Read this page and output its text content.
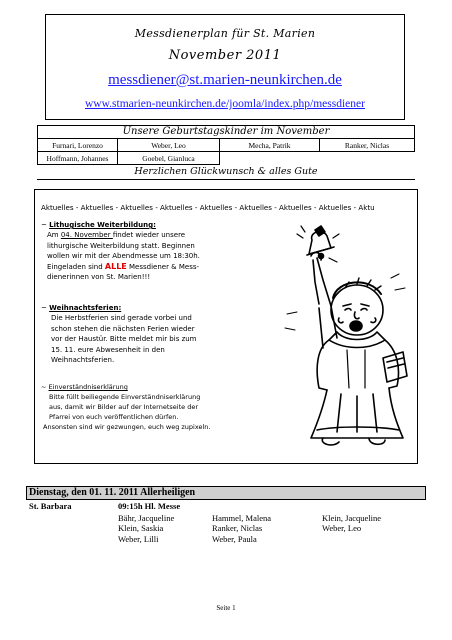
Messdienerplan für St. Marien
November 2011
messdiener@st.marien-neunkirchen.de
www.stmarien-neunkirchen.de/joomla/index.php/messdiener
Unsere Geburtstagskinder im November
Furnari, Lorenzo	Weber, Leo	Mecha, Patrik	Ranker, Niclas
Hoffmann, Johannes	Goebel, Gianluca		
Herzlichen Glückwunsch & alles Gute
Aktuelles - Aktuelles - Aktuelles - Aktuelles - Aktuelles - Aktuelles - Aktuelles - Aktuelles - Aktu
~ Lithugische Weiterbildung:
Am 04. November findet wieder unsere
lithurgische Weiterbildung statt. Beginnen
wollen wir mit der Abendmesse um 18:30h.
Eingeladen sind ALLE Messdiener & Mess-
dienerinnen von St. Marien!!!
~ Weihnachtsferien:
Die Herbstferien sind gerade vorbei und
schon stehen die nächsten Ferien wieder
vor der Haustür. Bitte meldet mir bis zum
15. 11. eure Abwesenheit in den
Weihnachtsferien.
~ Einverständniserklärung
Bitte füllt beiliegende Einverständniserklärung
aus, damit wir Bilder auf der Internetseite der
Pfarrei von euch veröffentlichen dürfen.
Ansonsten sind wir gezwungen, euch weg zupixeln.
Dienstag, den 01. 11. 2011 Allerheiligen
St. Barbara	09:15h Hl. Messe
Bähr, Jacqueline	Hammel, Malena	Klein, Jacqueline
Klein, Saskia	Ranker, Niclas	Weber, Leo
Weber, Lilli	Weber, Paula
Seite 1
